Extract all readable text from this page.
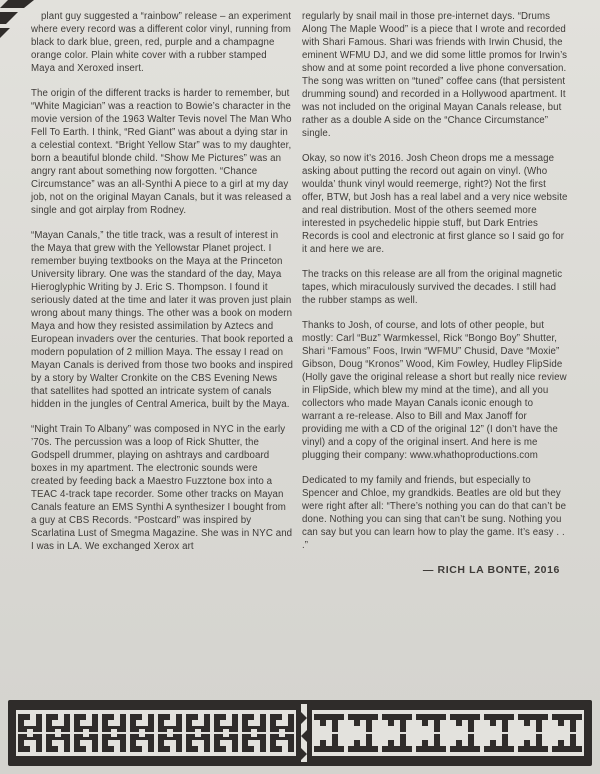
plant guy suggested a “rainbow” release – an experiment where every record was a different color vinyl, running from black to dark blue, green, red, purple and a champagne orange color. Plain white cover with a rubber stamped Maya and Xeroxed insert.

The origin of the different tracks is harder to remember, but “White Magician” was a reaction to Bowie’s character in the movie version of the 1963 Walter Tevis novel The Man Who Fell To Earth. I think, “Red Giant” was about a dying star in a celestial context. “Bright Yellow Star” was to my daughter, born a beautiful blonde child. “Show Me Pictures” was an angry rant about something now forgotten. “Chance Circumstance” was an all-Synthi A piece to a girl at my day job, not on the original Mayan Canals, but it was released a single and got airplay from Rodney.

“Mayan Canals,” the title track, was a result of interest in the Maya that grew with the Yellowstar Planet project. I remember buying textbooks on the Maya at the Princeton University library. One was the standard of the day, Maya Hieroglyphic Writing by J. Eric S. Thompson. I found it seriously dated at the time and later it was proven just plain wrong about many things. The other was a book on modern Maya and how they resisted assimilation by Aztecs and European invaders over the centuries. That book reported a modern population of 2 million Maya. The essay I read on Mayan Canals is derived from those two books and inspired by a story by Walter Cronkite on the CBS Evening News that satellites had spotted an intricate system of canals hidden in the jungles of Central America, built by the Maya.

“Night Train To Albany” was composed in NYC in the early ’70s. The percussion was a loop of Rick Shutter, the Godspell drummer, playing on ashtrays and cardboard boxes in my apartment. The electronic sounds were created by feeding back a Maestro Fuzztone box into a TEAC 4-track tape recorder. Some other tracks on Mayan Canals feature an EMS Synthi A synthesizer I bought from a guy at CBS Records. “Postcard” was inspired by Scarlatina Lust of Smegma Magazine. She was in NYC and I was in LA. We exchanged Xerox art

regularly by snail mail in those pre-internet days. “Drums Along The Maple Wood” is a piece that I wrote and recorded with Shari Famous. Shari was friends with Irwin Chusid, the eminent WFMU DJ, and we did some little promos for Irwin’s show and at some point recorded a live phone conversation. The song was written on “tuned” coffee cans (that persistent drumming sound) and recorded in a Hollywood apartment. It was not included on the original Mayan Canals release, but rather as a double A side on the “Chance Circumstance” single.

Okay, so now it’s 2016. Josh Cheon drops me a message asking about putting the record out again on vinyl. (Who woulda’ thunk vinyl would reemerge, right?) Not the first offer, BTW, but Josh has a real label and a very nice website and real distribution. Most of the others seemed more interested in psychedelic hippie stuff, but Dark Entries Records is cool and electronic at first glance so I said go for it and here we are.

The tracks on this release are all from the original magnetic tapes, which miraculously survived the decades. I still had the rubber stamps as well.

Thanks to Josh, of course, and lots of other people, but mostly: Carl “Buz” Warmkessel, Rick “Bongo Boy” Shutter, Shari “Famous” Foos, Irwin “WFMU” Chusid, Dave “Moxie” Gibson, Doug “Kronos” Wood, Kim Fowley, Hudley FlipSide (Holly gave the original release a short but really nice review in FlipSide, which blew my mind at the time), and all you collectors who made Mayan Canals iconic enough to warrant a re-release. Also to Bill and Max Janoff for providing me with a CD of the original 12” (I don’t have the vinyl) and a copy of the original insert. And here is me plugging their company: www.whathoproductions.com

Dedicated to my family and friends, but especially to Spencer and Chloe, my grandkids. Beatles are old but they were right after all: “There’s nothing you can do that can’t be done. Nothing you can sing that can’t be sung. Nothing you can say but you can learn how to play the game. It’s easy . . .”

— RICH LA BONTE, 2016
